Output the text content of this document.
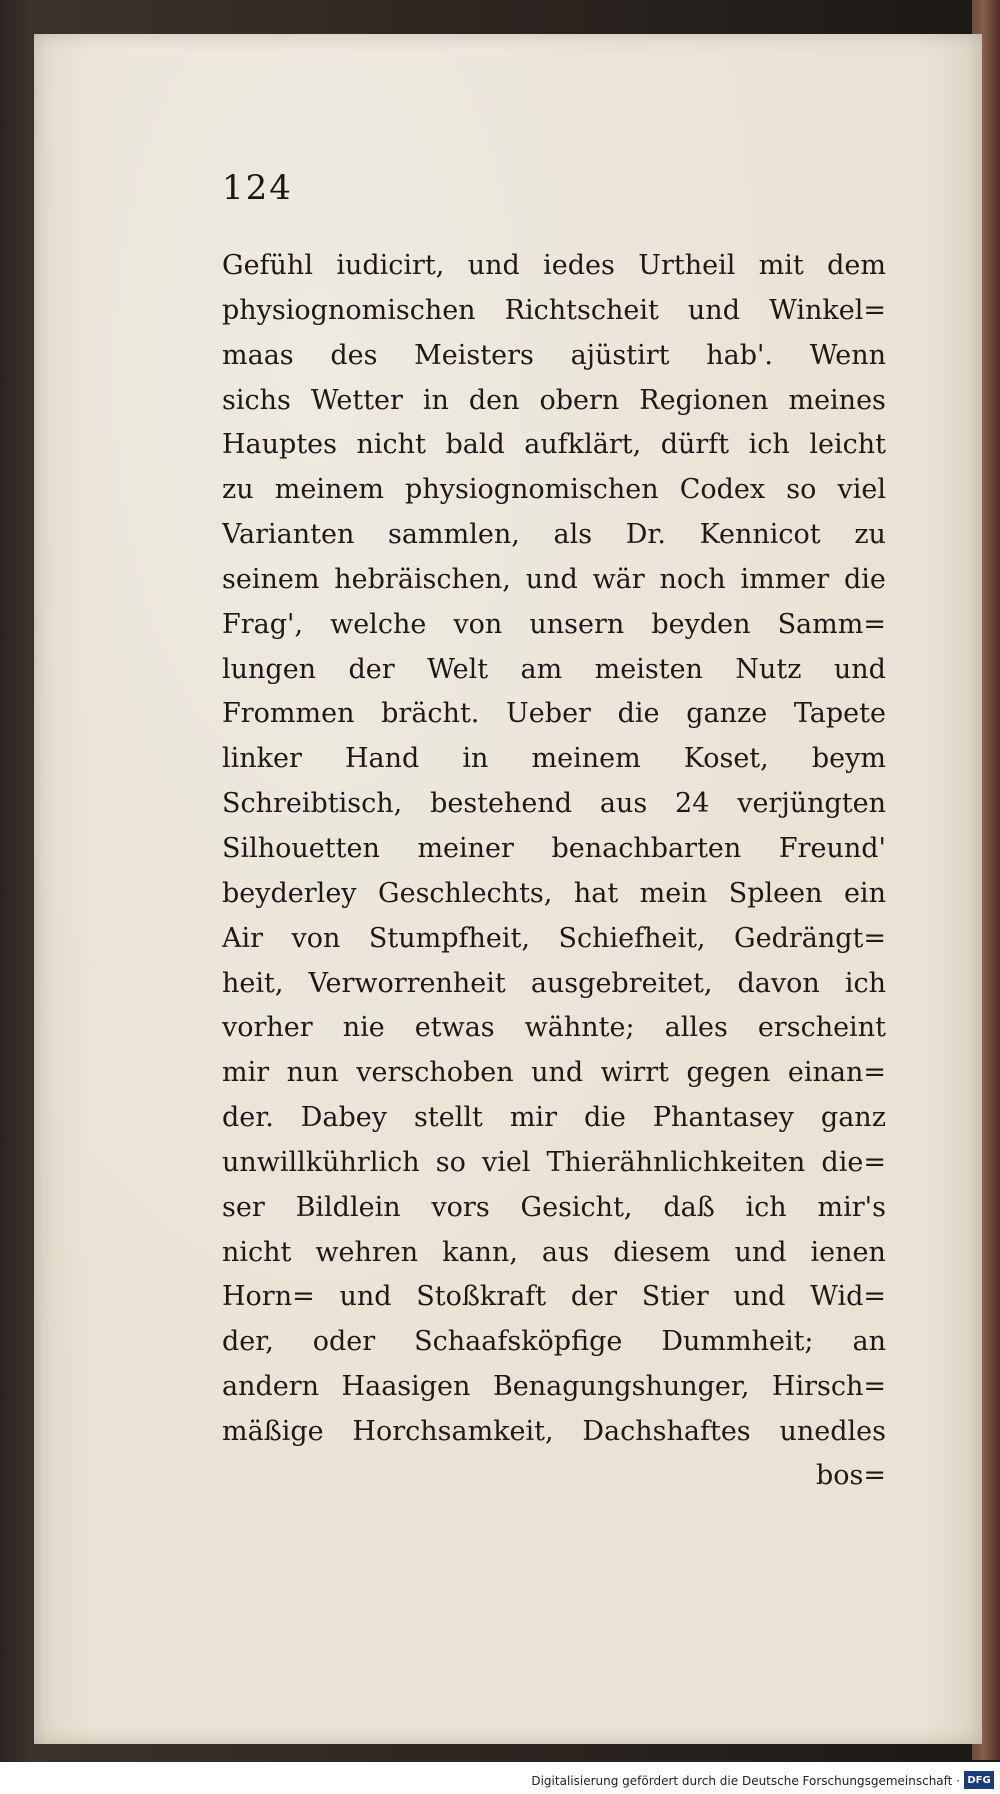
124
Gefühl iudicirt, und iedes Urtheil mit dem
physiognomischen Richtscheit und Winkel=
maas des Meisters ajüstirt hab'. Wenn
sichs Wetter in den obern Regionen meines
Hauptes nicht bald aufklärt, dürft ich leicht
zu meinem physiognomischen Codex so viel
Varianten sammlen, als Dr. Kennicot zu
seinem hebräischen, und wär noch immer die
Frag', welche von unsern beyden Samm=
lungen der Welt am meisten Nutz und
Frommen brächt. Ueber die ganze Tapete
linker Hand in meinem Koset, beym
Schreibtisch, bestehend aus 24 verjüngten
Silhouetten meiner benachbarten Freund'
beyderley Geschlechts, hat mein Spleen ein
Air von Stumpfheit, Schiefheit, Gedrängt=
heit, Verworrenheit ausgebreitet, davon ich
vorher nie etwas wähnte; alles erscheint
mir nun verschoben und wirrt gegen einan=
der. Dabey stellt mir die Phantasey ganz
unwillkührlich so viel Thierähnlichkeiten die=
ser Bildlein vors Gesicht, daß ich mir's
nicht wehren kann, aus diesem und ienen
Horn= und Stoßkraft der Stier und Wid=
der, oder Schaafsköpfige Dummheit; an
andern Haasigen Benagungshunger, Hirsch=
mäßige Horchsamkeit, Dachshaftes unedles
bos=
Digitalisierung gefördert durch die Deutsche Forschungsgemeinschaft · DFG
